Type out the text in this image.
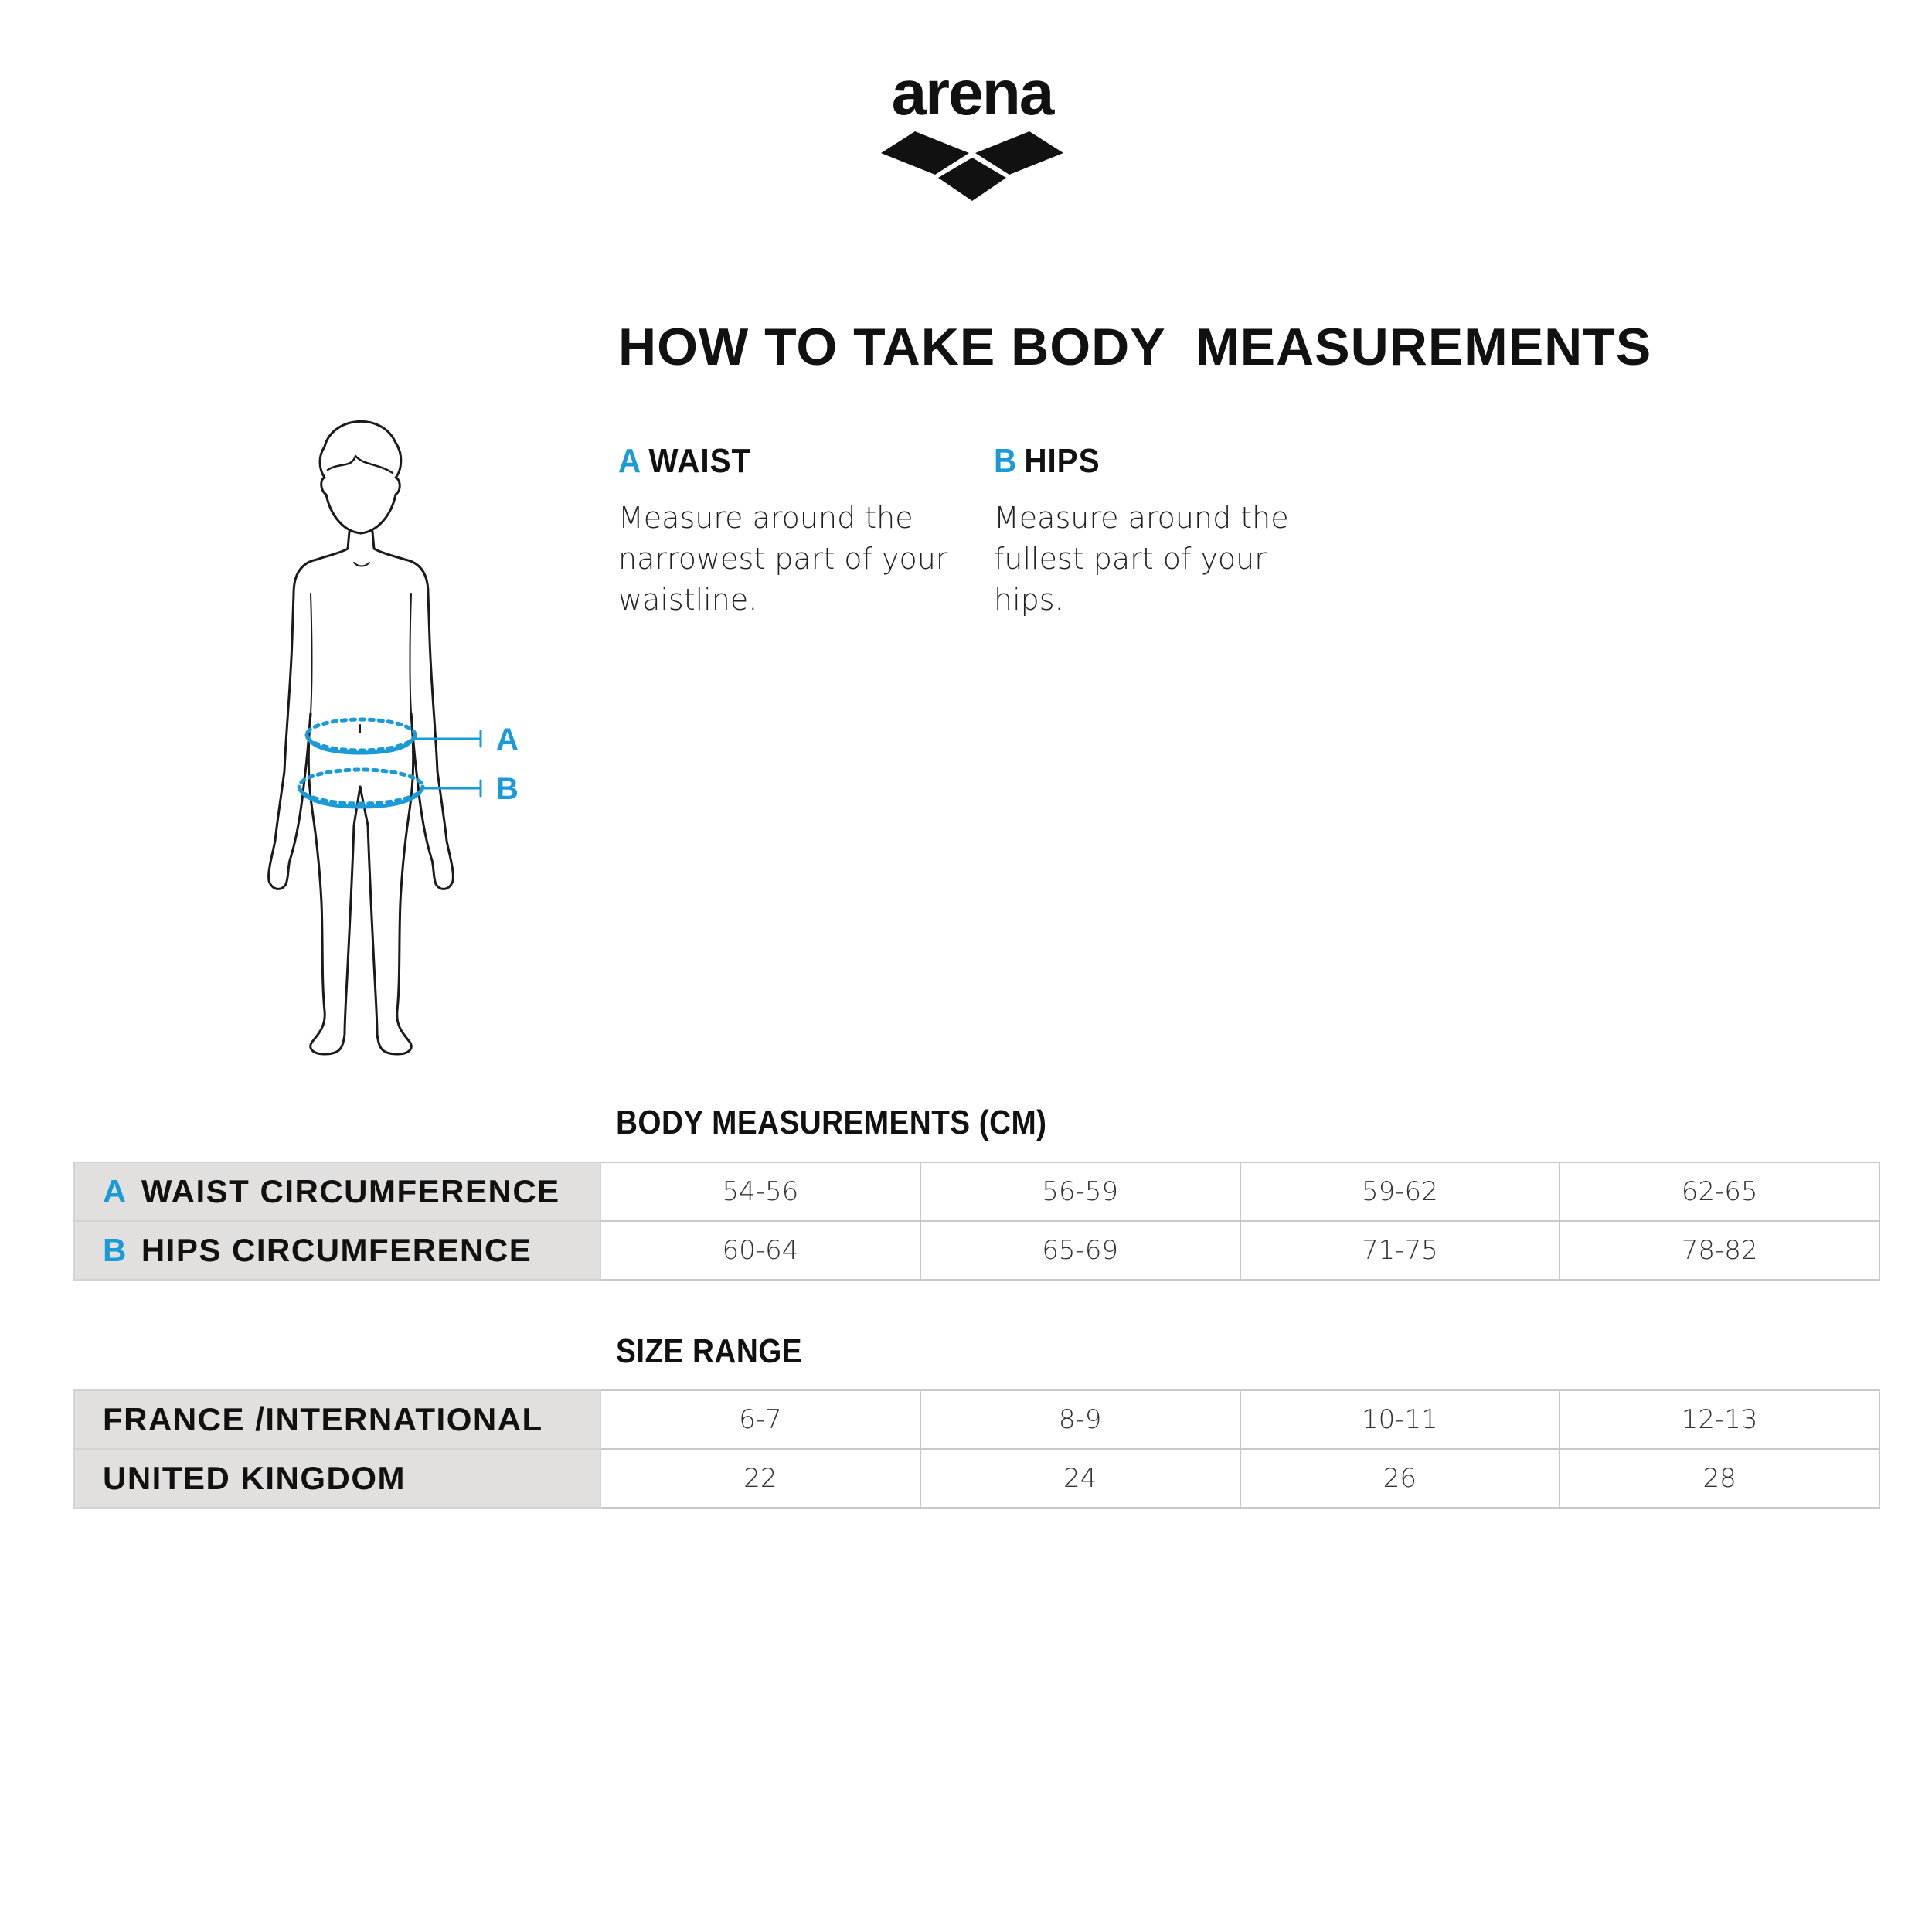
arena
HOW TO TAKE BODY  MEASUREMENTS
A
B
A WAIST

Measure around the
narrowest part of your
waistline.

B HIPS

Measure around the
fullest part of your
hips.

BODY MEASUREMENTS (CM)
A WAIST CIRCUMFERENCE	54-56	56-59	59-62	62-65
B HIPS CIRCUMFERENCE	60-64	65-69	71-75	78-82
SIZE RANGE
FRANCE /INTERNATIONAL	6-7	8-9	10-11	12-13
UNITED KINGDOM	22	24	26	28
